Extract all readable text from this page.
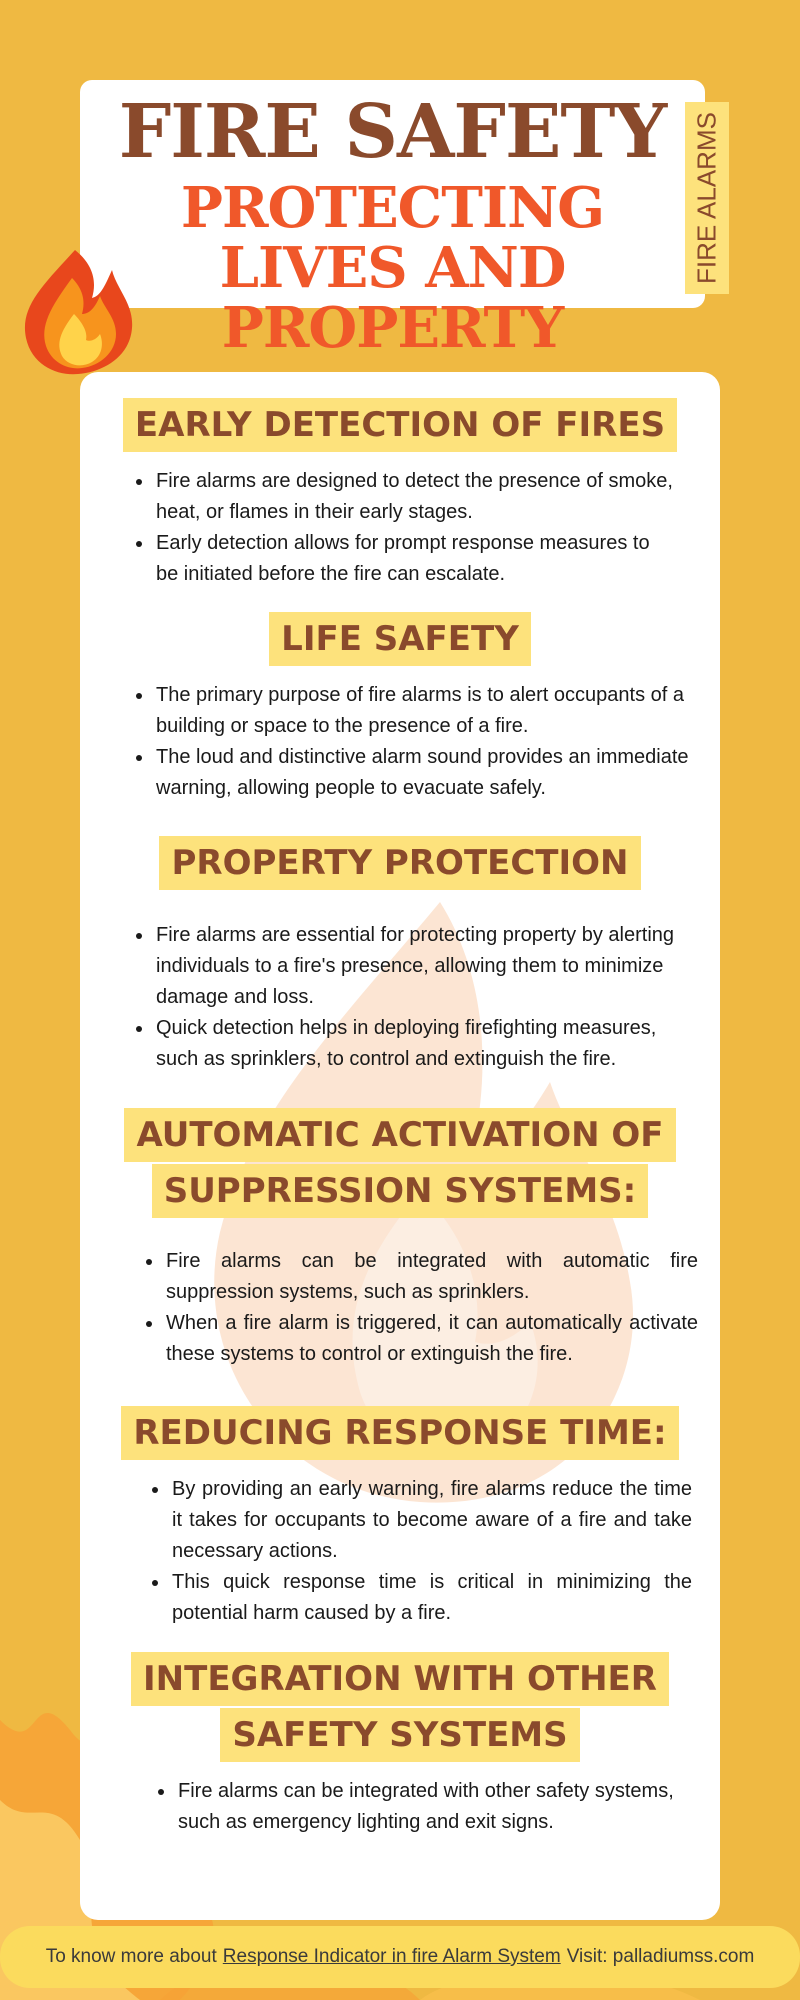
FIRE SAFETY
PROTECTING
LIVES AND PROPERTY
FIRE ALARMS
EARLY DETECTION OF FIRES
Fire alarms are designed to detect the presence of smoke, heat, or flames in their early stages.
Early detection allows for prompt response measures to be initiated before the fire can escalate.
LIFE SAFETY
The primary purpose of fire alarms is to alert occupants of a building or space to the presence of a fire.
The loud and distinctive alarm sound provides an immediate warning, allowing people to evacuate safely.
PROPERTY PROTECTION
Fire alarms are essential for protecting property by alerting individuals to a fire's presence, allowing them to minimize damage and loss.
Quick detection helps in deploying firefighting measures, such as sprinklers, to control and extinguish the fire.
AUTOMATIC ACTIVATION OF
SUPPRESSION SYSTEMS:
Fire alarms can be integrated with automatic fire suppression systems, such as sprinklers.
When a fire alarm is triggered, it can automatically activate these systems to control or extinguish the fire.
REDUCING RESPONSE TIME:
By providing an early warning, fire alarms reduce the time it takes for occupants to become aware of a fire and take necessary actions.
This quick response time is critical in minimizing the potential harm caused by a fire.
INTEGRATION WITH OTHER
SAFETY SYSTEMS
Fire alarms can be integrated with other safety systems, such as emergency lighting and exit signs.
To know more about Response Indicator in fire Alarm System Visit: palladiumss.com
